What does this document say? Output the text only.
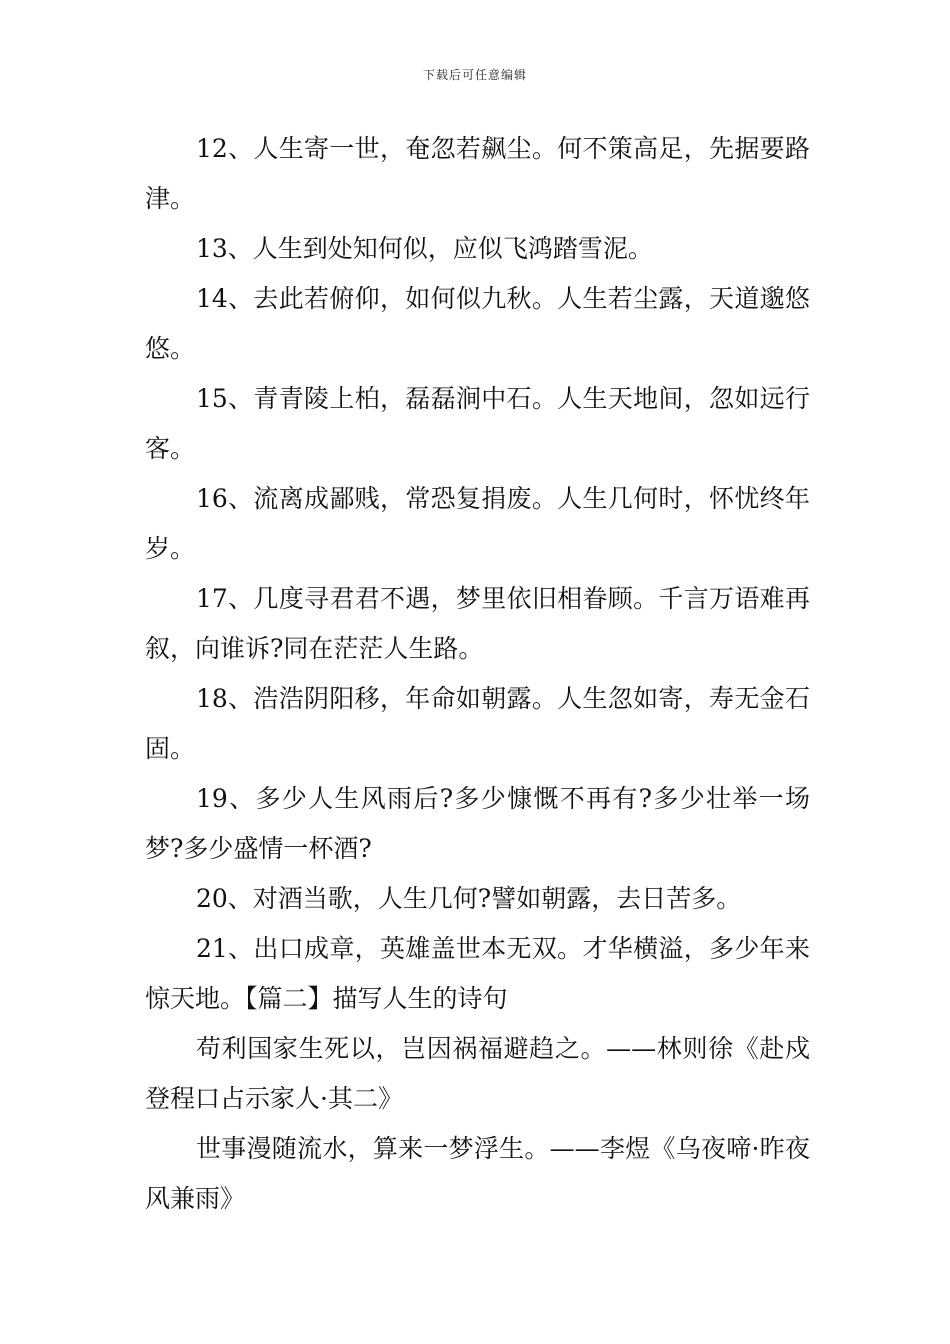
下载后可任意编辑

12、人生寄一世，奄忽若飙尘。何不策高足，先据要路津。

13、人生到处知何似，应似飞鸿踏雪泥。

14、去此若俯仰，如何似九秋。人生若尘露，天道邈悠悠。

15、青青陵上柏，磊磊涧中石。人生天地间，忽如远行客。

16、流离成鄙贱，常恐复捐废。人生几何时，怀忧终年岁。

17、几度寻君君不遇，梦里依旧相眷顾。千言万语难再叙，向谁诉?同在茫茫人生路。

18、浩浩阴阳移，年命如朝露。人生忽如寄，寿无金石固。

19、多少人生风雨后?多少慷慨不再有?多少壮举一场梦?多少盛情一杯酒?

20、对酒当歌，人生几何?譬如朝露，去日苦多。

21、出口成章，英雄盖世本无双。才华横溢，多少年来惊天地。【篇二】描写人生的诗句

苟利国家生死以，岂因祸福避趋之。——林则徐《赴戍登程口占示家人·其二》

世事漫随流水，算来一梦浮生。——李煜《乌夜啼·昨夜风兼雨》
